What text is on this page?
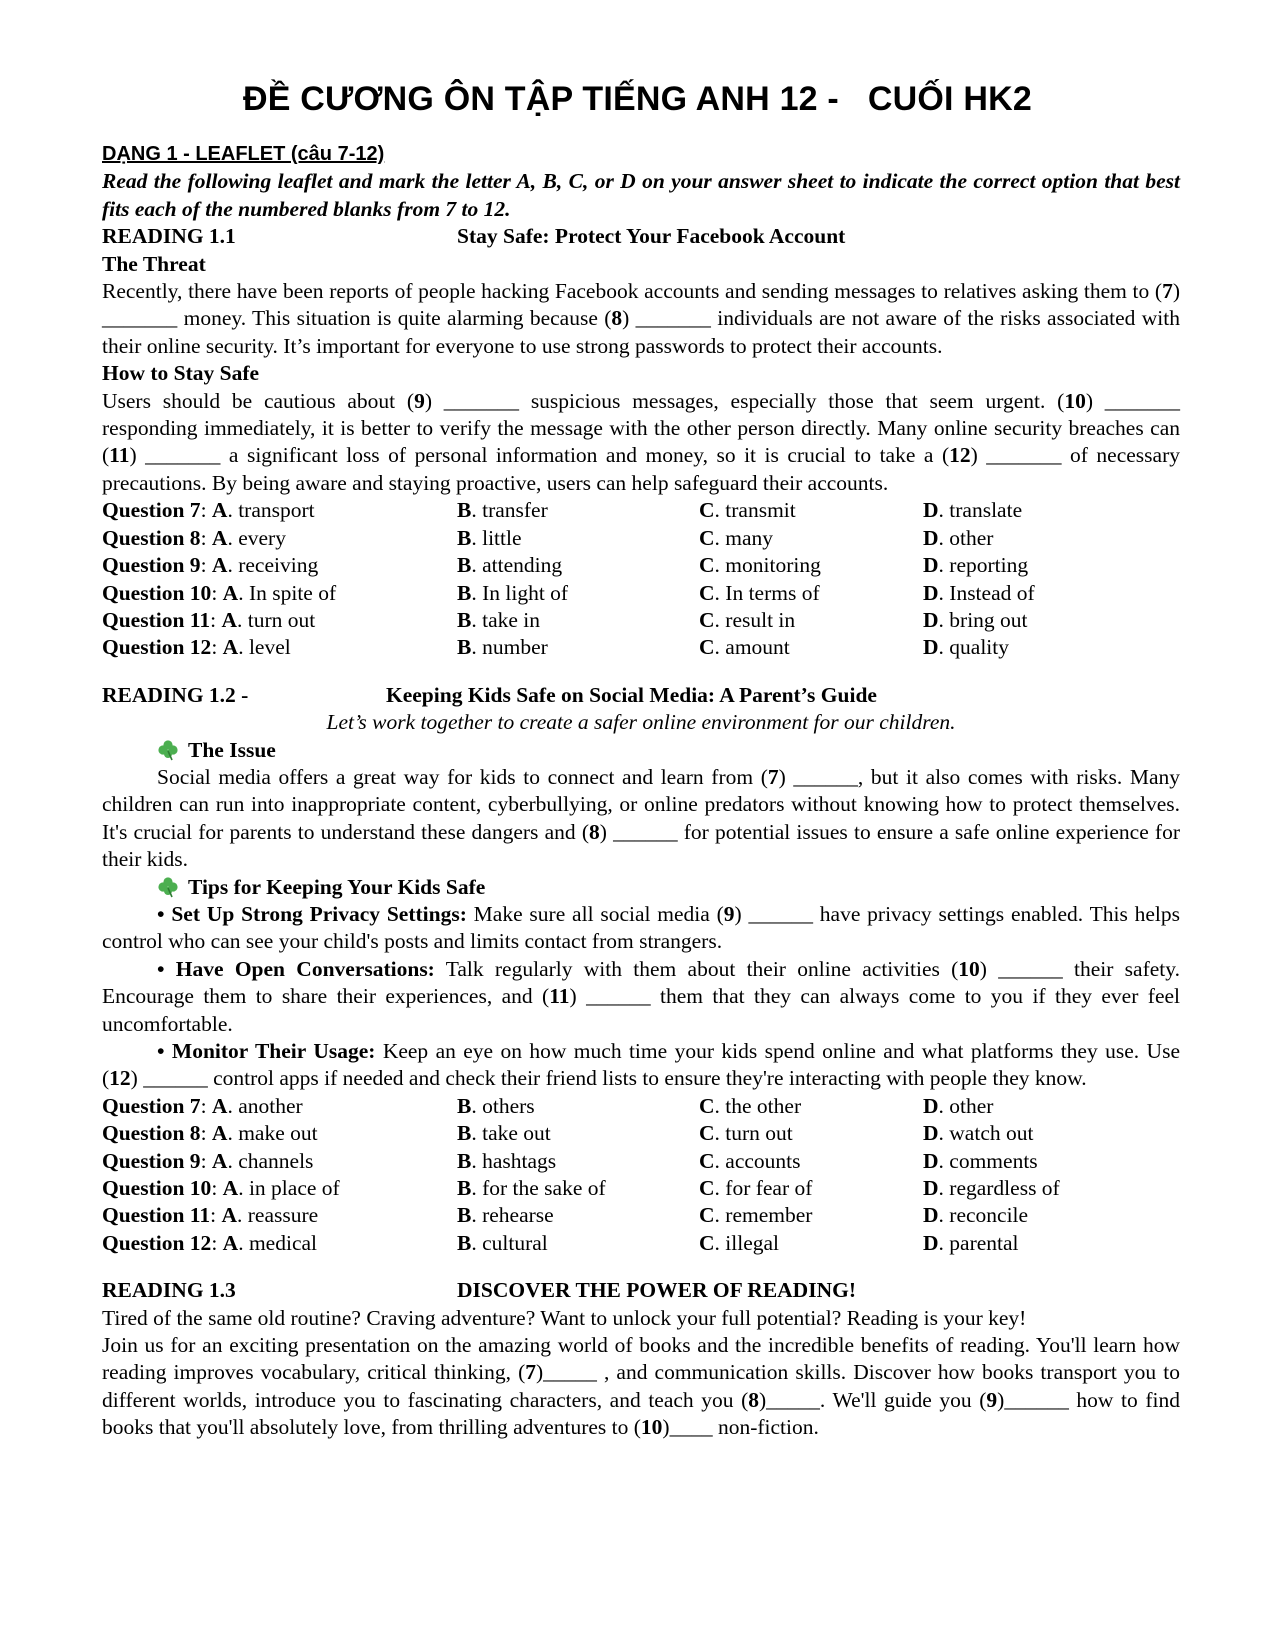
ĐỀ CƯƠNG ÔN TẬP TIẾNG ANH 12 -   CUỐI HK2
DẠNG 1 - LEAFLET (câu 7-12)
Read the following leaflet and mark the letter A, B, C, or D on your answer sheet to indicate the correct option that best fits each of the numbered blanks from 7 to 12.
READING 1.1	Stay Safe: Protect Your Facebook Account
The Threat
Recently, there have been reports of people hacking Facebook accounts and sending messages to relatives asking them to (7) _______ money. This situation is quite alarming because (8) _______ individuals are not aware of the risks associated with their online security. It’s important for everyone to use strong passwords to protect their accounts.
How to Stay Safe
Users should be cautious about (9) _______ suspicious messages, especially those that seem urgent. (10) _______ responding immediately, it is better to verify the message with the other person directly. Many online security breaches can (11) _______ a significant loss of personal information and money, so it is crucial to take a (12) _______ of necessary precautions. By being aware and staying proactive, users can help safeguard their accounts.
Question 7: A. transport	B. transfer	C. transmit	D. translate
Question 8: A. every	B. little	C. many	D. other
Question 9: A. receiving	B. attending	C. monitoring	D. reporting
Question 10: A. In spite of	B. In light of	C. In terms of	D. Instead of
Question 11: A. turn out	B. take in	C. result in	D. bring out
Question 12: A. level	B. number	C. amount	D. quality
READING 1.2 -	Keeping Kids Safe on Social Media: A Parent’s Guide
Let’s work together to create a safer online environment for our children.
The Issue
Social media offers a great way for kids to connect and learn from (7) ______, but it also comes with risks. Many children can run into inappropriate content, cyberbullying, or online predators without knowing how to protect themselves. It's crucial for parents to understand these dangers and (8) ______ for potential issues to ensure a safe online experience for their kids.
Tips for Keeping Your Kids Safe
• Set Up Strong Privacy Settings: Make sure all social media (9) ______ have privacy settings enabled. This helps control who can see your child's posts and limits contact from strangers.
• Have Open Conversations: Talk regularly with them about their online activities (10) ______ their safety. Encourage them to share their experiences, and (11) ______ them that they can always come to you if they ever feel uncomfortable.
• Monitor Their Usage: Keep an eye on how much time your kids spend online and what platforms they use. Use (12) ______ control apps if needed and check their friend lists to ensure they're interacting with people they know.
Question 7: A. another	B. others	C. the other	D. other
Question 8: A. make out	B. take out	C. turn out	D. watch out
Question 9: A. channels	B. hashtags	C. accounts	D. comments
Question 10: A. in place of	B. for the sake of	C. for fear of	D. regardless of
Question 11: A. reassure	B. rehearse	C. remember	D. reconcile
Question 12: A. medical	B. cultural	C. illegal	D. parental
READING 1.3	DISCOVER THE POWER OF READING!
Tired of the same old routine? Craving adventure? Want to unlock your full potential? Reading is your key!
Join us for an exciting presentation on the amazing world of books and the incredible benefits of reading. You'll learn how reading improves vocabulary, critical thinking, (7)_____ , and communication skills. Discover how books transport you to different worlds, introduce you to fascinating characters, and teach you (8)_____. We'll guide you (9)______ how to find books that you'll absolutely love, from thrilling adventures to (10)____ non-fiction.
